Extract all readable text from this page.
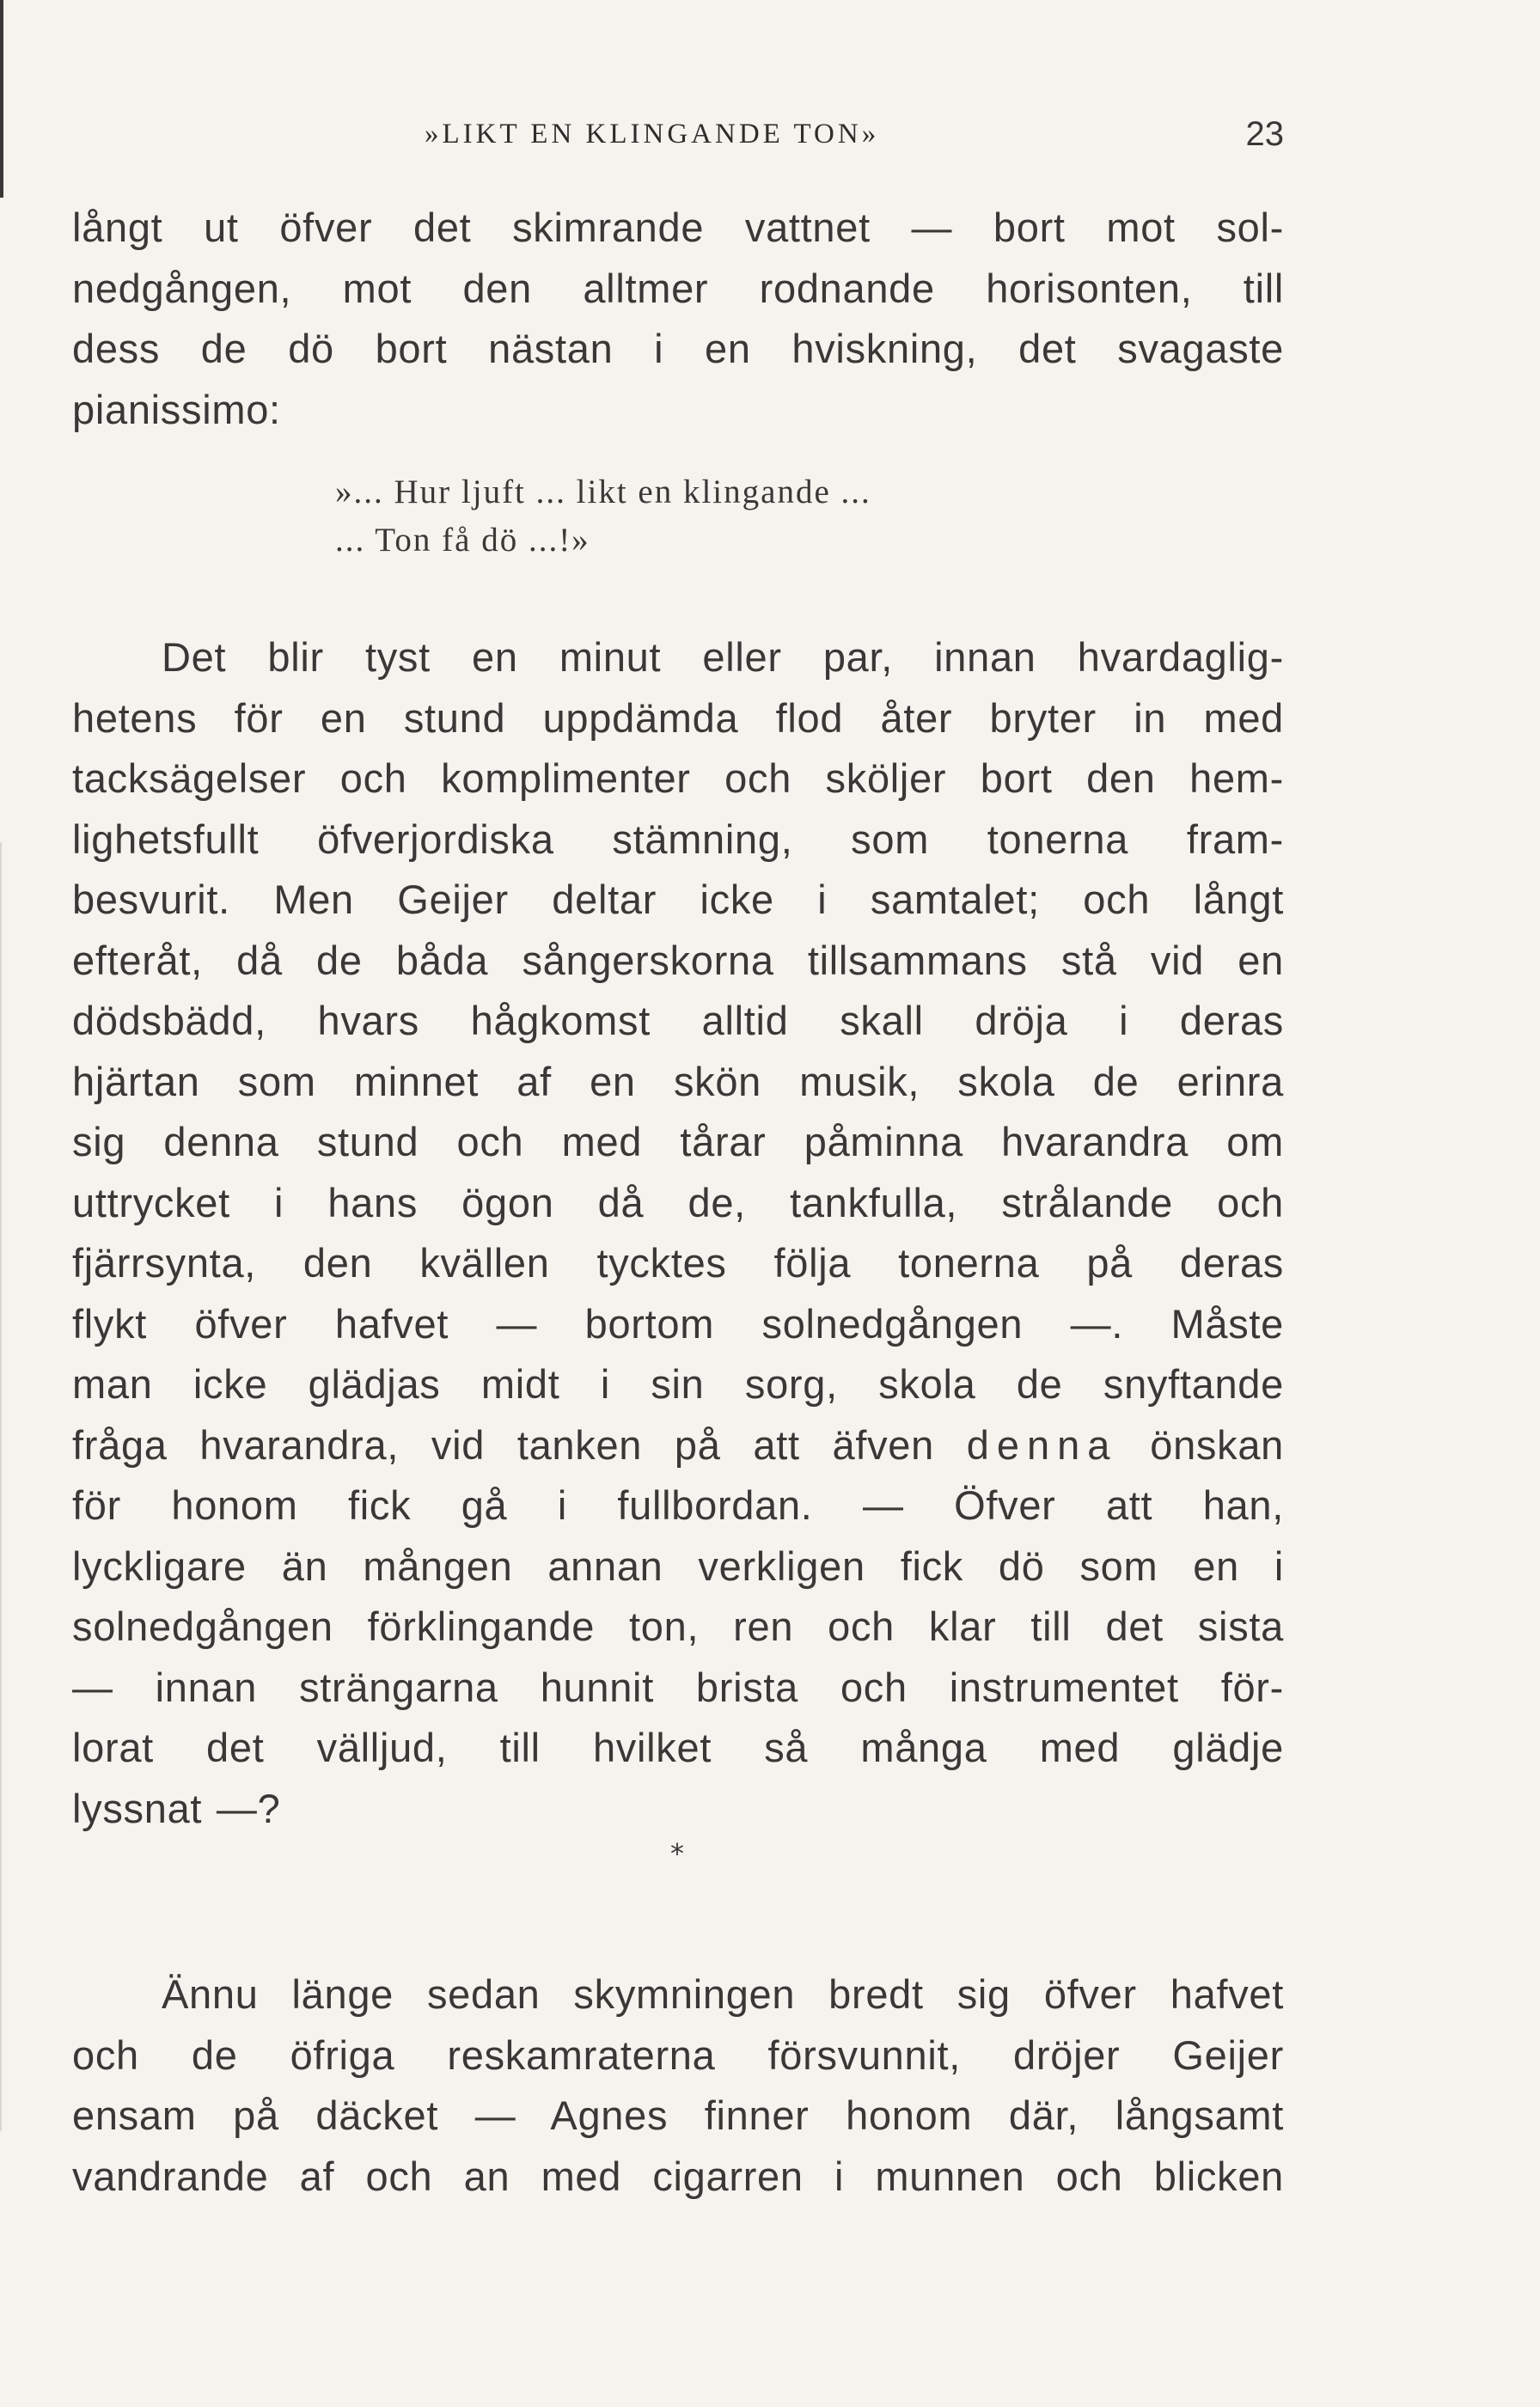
»LIKT EN KLINGANDE TON»	23
långt ut öfver det skimrande vattnet — bort mot sol-
nedgången, mot den alltmer rodnande horisonten, till
dess de dö bort nästan i en hviskning, det svagaste
pianissimo:
»... Hur ljuft ... likt en klingande ...
... Ton få dö ...!»
Det blir tyst en minut eller par, innan hvardaglig-
hetens för en stund uppdämda flod åter bryter in med
tacksägelser och komplimenter och sköljer bort den hem-
lighetsfullt öfverjordiska stämning, som tonerna fram-
besvurit. Men Geijer deltar icke i samtalet; och långt
efteråt, då de båda sångerskorna tillsammans stå vid en
dödsbädd, hvars hågkomst alltid skall dröja i deras
hjärtan som minnet af en skön musik, skola de erinra
sig denna stund och med tårar påminna hvarandra om
uttrycket i hans ögon då de, tankfulla, strålande och
fjärrsynta, den kvällen tycktes följa tonerna på deras
flykt öfver hafvet — bortom solnedgången —. Måste
man icke glädjas midt i sin sorg, skola de snyftande
fråga hvarandra, vid tanken på att äfven denna önskan
för honom fick gå i fullbordan. — Öfver att han,
lyckligare än mången annan verkligen fick dö som en i
solnedgången förklingande ton, ren och klar till det sista
— innan strängarna hunnit brista och instrumentet för-
lorat det välljud, till hvilket så många med glädje
lyssnat —?
*
Ännu länge sedan skymningen bredt sig öfver hafvet
och de öfriga reskamraterna försvunnit, dröjer Geijer
ensam på däcket — Agnes finner honom där, långsamt
vandrande af och an med cigarren i munnen och blicken
